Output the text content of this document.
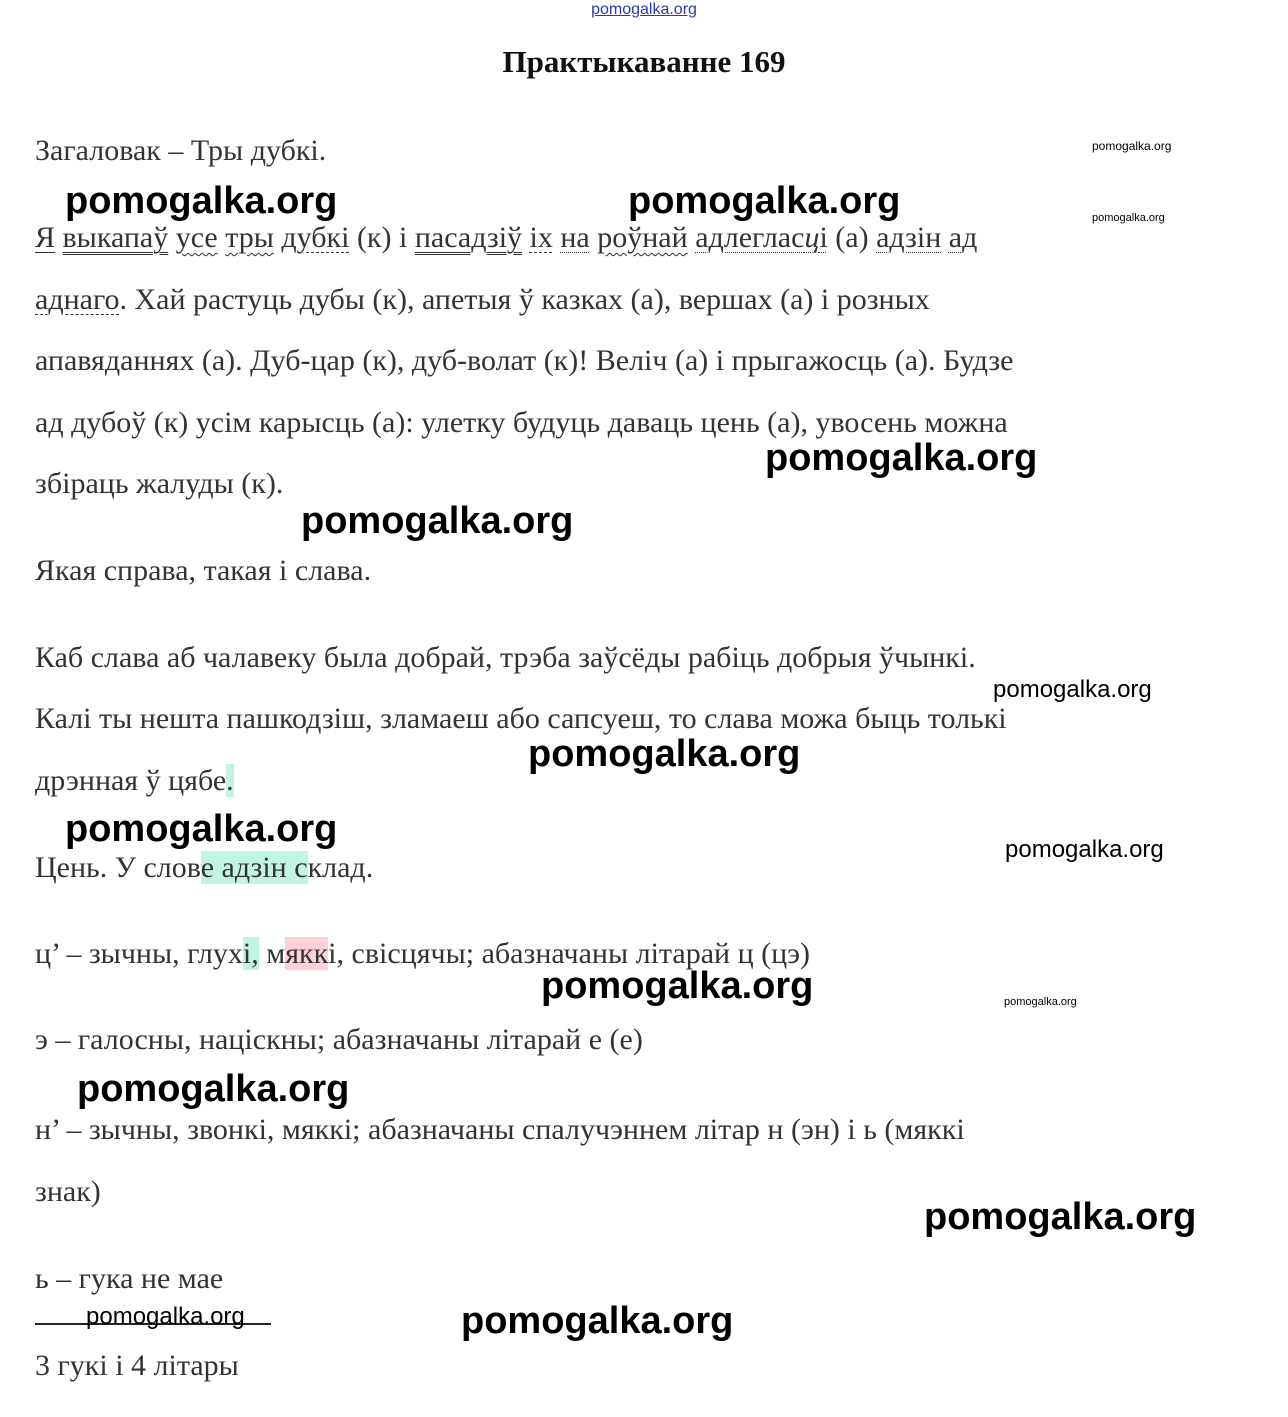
pomogalka.org
Практыкаванне 169
Загаловак – Тры дубкі.
Я выкапаў усе тры дубкі (к) і пасадзіў іх на роўнай адлегласці (а) адзін ад
аднаго. Хай растуць дубы (к), апетыя ў казках (а), вершах (а) і розных
апавяданнях (а). Дуб-цар (к), дуб-волат (к)! Веліч (а) і прыгажосць (а). Будзе
ад дубоў (к) усім карысць (а): улетку будуць даваць цень (а), увосень можна
збіраць жалуды (к).
Якая справа, такая і слава.
Каб слава аб чалавеку была добрай, трэба заўсёды рабіць добрыя ўчынкі.
Калі ты нешта пашкодзіш, зламаеш або сапсуеш, то слава можа быць толькі
дрэнная ў цябе.
Цень. У слове адзін склад.
ц’ – зычны, глухі, мяккі, свісцячы; абазначаны літарай ц (цэ)
э – галосны, націскны; абазначаны літарай е (е)
н’ – зычны, звонкі, мяккі; абазначаны спалучэннем літар н (эн) і ь (мяккі
знак)
ь – гука не мае
3 гукі і 4 літары
pomogalka.org
pomogalka.org	pomogalka.org	pomogalka.org
pomogalka.org
pomogalka.org
pomogalka.org
pomogalka.org
pomogalka.org	pomogalka.org
pomogalka.org	pomogalka.org
pomogalka.org
pomogalka.org
pomogalka.org	pomogalka.org
